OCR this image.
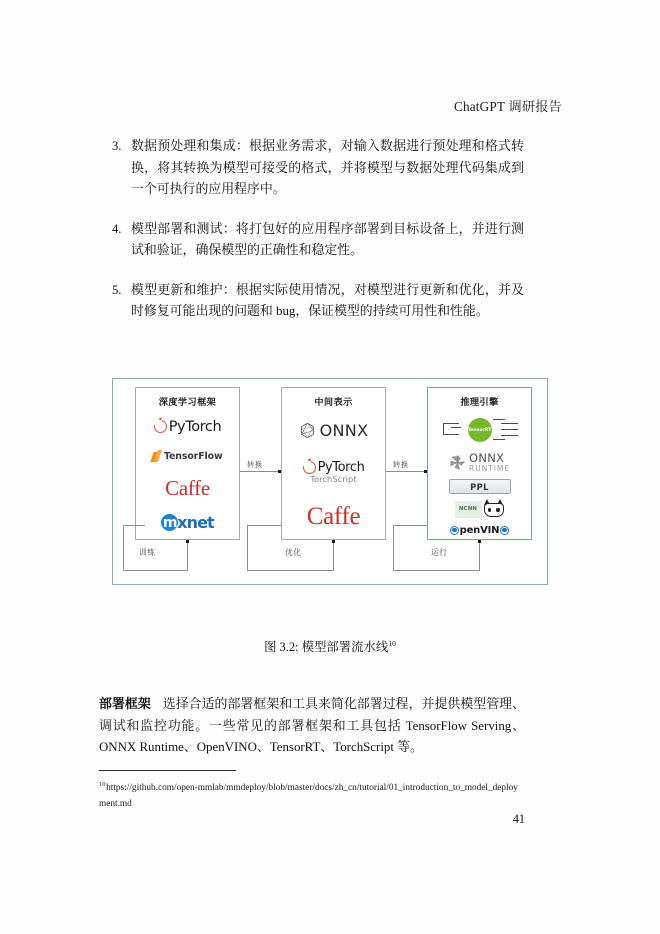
ChatGPT 调研报告
3. 数据预处理和集成：根据业务需求，对输入数据进行预处理和格式转换，将其转换为模型可接受的格式，并将模型与数据处理代码集成到一个可执行的应用程序中。
4. 模型部署和测试：将打包好的应用程序部署到目标设备上，并进行测试和验证，确保模型的正确性和稳定性。
5. 模型更新和维护：根据实际使用情况，对模型进行更新和优化，并及时修复可能出现的问题和 bug，保证模型的持续可用性和性能。
深度学习框架
PyTorch
TensorFlow
Caffe
m xnet
中间表示
ONNX
PyTorch
TorchScript
Caffe
推理引擎
TensorRT
ONNX
RUNTIME
PPL
NCNN
pen VIN
转换	转换
训练	优化	运行
图 3.2: 模型部署流水线$^{10}$
部署框架 选择合适的部署框架和工具来简化部署过程，并提供模型管理、调试和监控功能。一些常见的部署框架和工具包括 TensorFlow Serving、ONNX Runtime、OpenVINO、TensorRT、TorchScript 等。
$^{10}$https://github.com/open-mmlab/mmdeploy/blob/master/docs/zh_cn/tutorial/01_introduction_to_model_deployment.md
41
